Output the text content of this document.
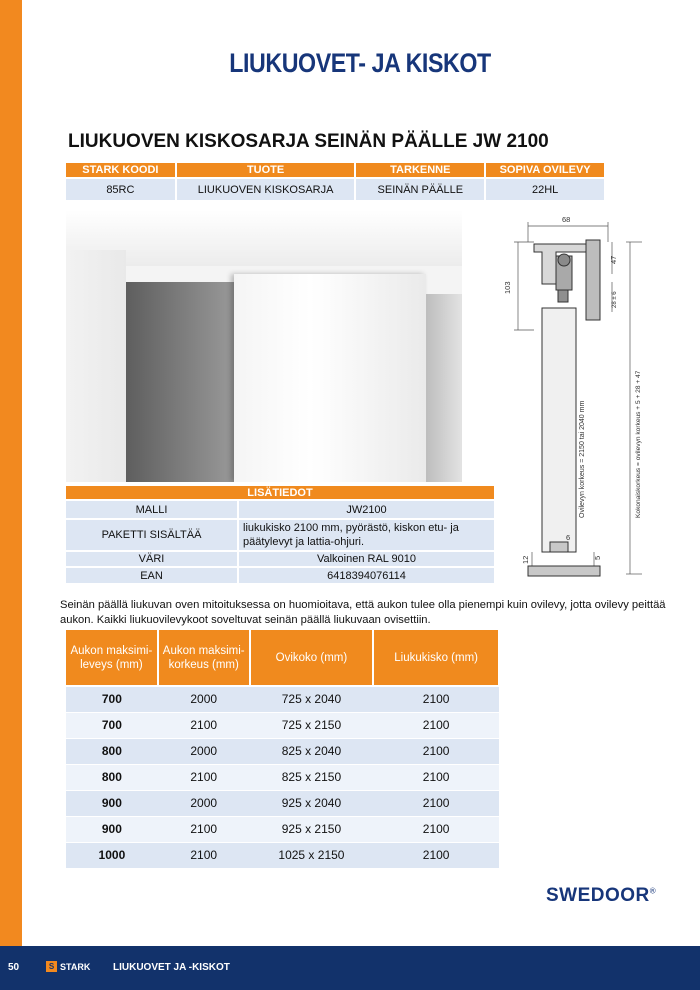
LIUKUOVET- JA KISKOT
LIUKUOVEN KISKOSARJA SEINÄN PÄÄLLE JW 2100
STARK KOODI	TUOTE	TARKENNE	SOPIVA OVILEVY
85RC	LIUKUOVEN KISKOSARJA	SEINÄN PÄÄLLE	22HL
68
103
47
28 ± 6
Ovilevyn korkeus = 2150 tai 2040 mm	Kokonaiskorkeus = ovilevyn korkeus + 5 + 28 + 47
6
12	5
LISÄTIEDOT	
MALLI	JW2100
PAKETTI SISÄLTÄÄ	liukukisko 2100 mm, pyörästö, kiskon etu- ja päätylevyt ja lattia-ohjuri.
VÄRI	Valkoinen RAL 9010
EAN	6418394076114

Seinän päällä liukuvan oven mitoituksessa on huomioitava, että aukon tulee olla pienempi kuin ovilevy, jotta ovilevy peittää aukon. Kaikki liukuovilevykoot soveltuvat seinän päällä liukuvaan ovisettiin.

Aukon maksimi-leveys (mm)	Aukon maksimi-korkeus (mm)	Ovikoko (mm)	Liukukisko (mm)
700	2000	725 x 2040	2100
700	2100	725 x 2150	2100
800	2000	825 x 2040	2100
800	2100	825 x 2150	2100
900	2000	925 x 2040	2100
900	2100	925 x 2150	2100
1000	2100	1025 x 2150	2100
SWEDOOR®
50	S STARK LIUKUOVET JA -KISKOT
